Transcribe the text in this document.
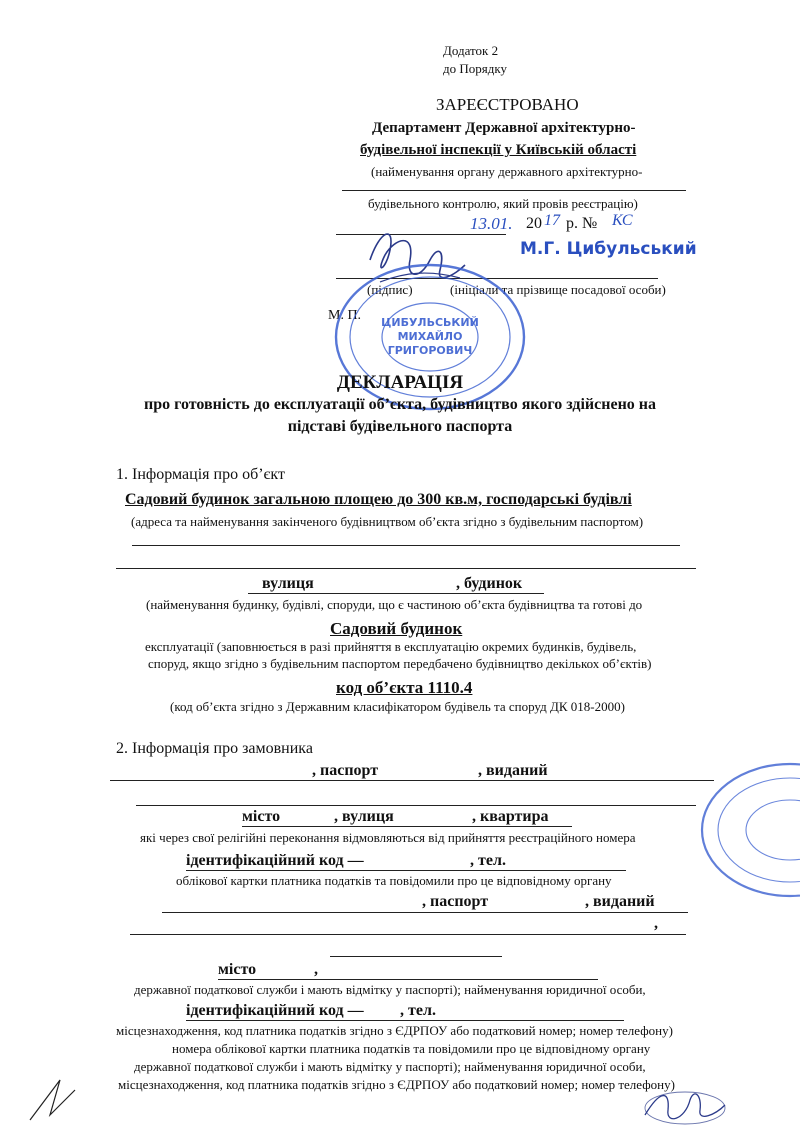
Додаток 2
до Порядку
ЗАРЕЄСТРОВАНО
Департамент Державної архітектурно-
будівельної інспекції у Київській області
(найменування органу державного архітектурно-
будівельного контролю, який провів реєстрацію)
13.01. 20 17 р. № КС
М.Г. Цибульський
(підпис)	(ініціали та прізвище посадової особи)
М. П. ЦИБУЛЬСЬКИЙ
МИХАЙЛО
ГРИГОРОВИЧ
ДЕКЛАРАЦІЯ
про готовність до експлуатації об’єкта, будівництво якого здійснено на
підставі будівельного паспорта
1. Інформація про об’єкт
Садовий будинок загальною площею до 300 кв.м, господарські будівлі
(адреса та найменування закінченого будівництвом об’єкта згідно з будівельним паспортом)
вулиця	, будинок
(найменування будинку, будівлі, споруди, що є частиною об’єкта будівництва та готові до
Садовий будинок
експлуатації (заповнюється в разі прийняття в експлуатацію окремих будинків, будівель,
споруд, якщо згідно з будівельним паспортом передбачено будівництво декількох об’єктів)
код об’єкта 1110.4
(код об’єкта згідно з Державним класифікатором будівель та споруд ДК 018-2000)
2. Інформація про замовника
, паспорт	, виданий
місто	, вулиця	, квартира
які через свої релігійні переконання відмовляються від прийняття реєстраційного номера
ідентифікаційний код —	, тел.
облікової картки платника податків та повідомили про це відповідному органу
, паспорт	, виданий
,
місто	,
державної податкової служби і мають відмітку у паспорті); найменування юридичної особи,
ідентифікаційний код — , тел.
місцезнаходження, код платника податків згідно з ЄДРПОУ або податковий номер; номер телефону)
номера облікової картки платника податків та повідомили про це відповідному органу
державної податкової служби і мають відмітку у паспорті); найменування юридичної особи,
місцезнаходження, код платника податків згідно з ЄДРПОУ або податковий номер; номер телефону)
